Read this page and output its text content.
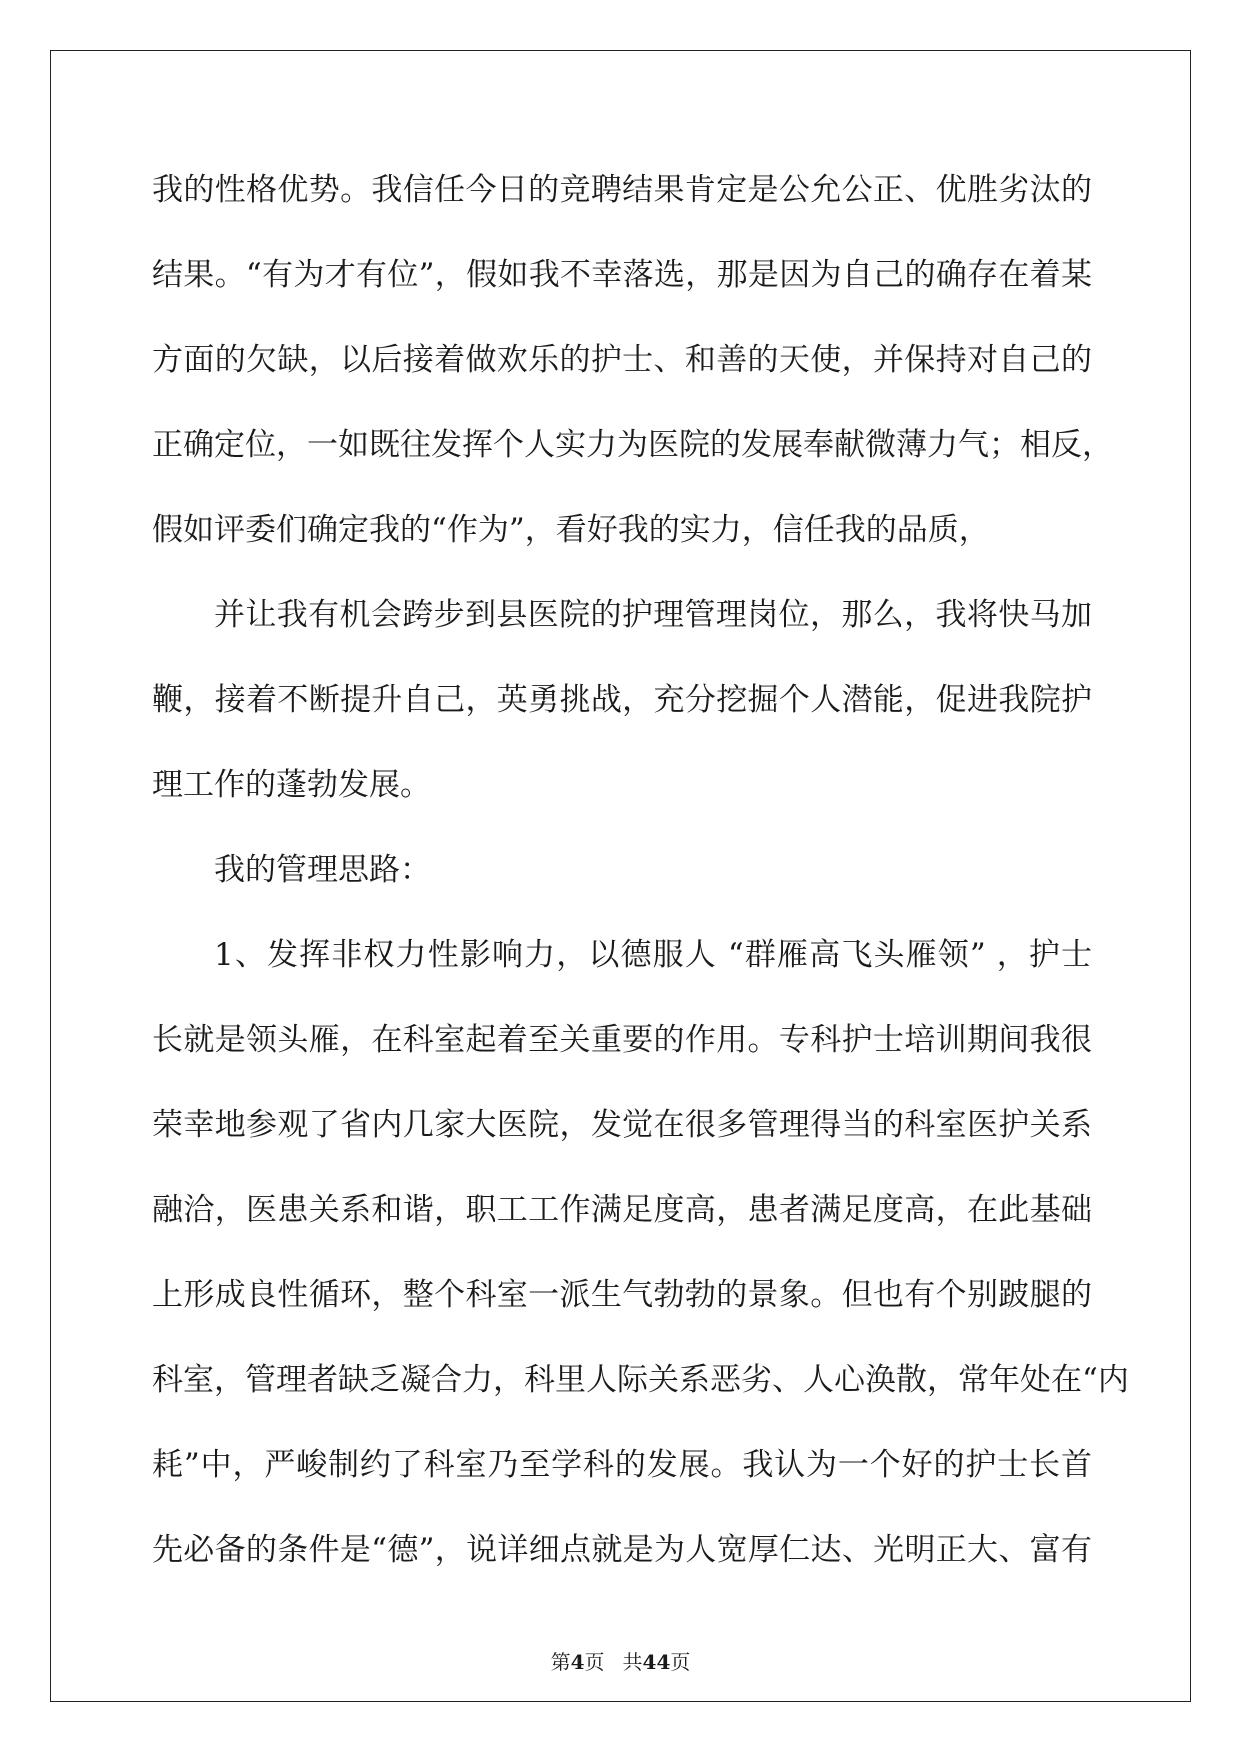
我的性格优势。我信任今日的竞聘结果肯定是公允公正、优胜劣汰的
结果。“有为才有位”，假如我不幸落选，那是因为自己的确存在着某
方面的欠缺，以后接着做欢乐的护士、和善的天使，并保持对自己的
正确定位，一如既往发挥个人实力为医院的发展奉献微薄力气；相反，
假如评委们确定我的“作为”，看好我的实力，信任我的品质，
并让我有机会跨步到县医院的护理管理岗位，那么，我将快马加
鞭，接着不断提升自己，英勇挑战，充分挖掘个人潜能，促进我院护
理工作的蓬勃发展。
我的管理思路：
1、发挥非权力性影响力，以德服人 “群雁高飞头雁领” ，护士
长就是领头雁，在科室起着至关重要的作用。专科护士培训期间我很
荣幸地参观了省内几家大医院，发觉在很多管理得当的科室医护关系
融洽，医患关系和谐，职工工作满足度高，患者满足度高，在此基础
上形成良性循环，整个科室一派生气勃勃的景象。但也有个别跛腿的
科室，管理者缺乏凝合力，科里人际关系恶劣、人心涣散，常年处在“内
耗”中，严峻制约了科室乃至学科的发展。我认为一个好的护士长首
先必备的条件是“德”，说详细点就是为人宽厚仁达、光明正大、富有
第4页 共44页
